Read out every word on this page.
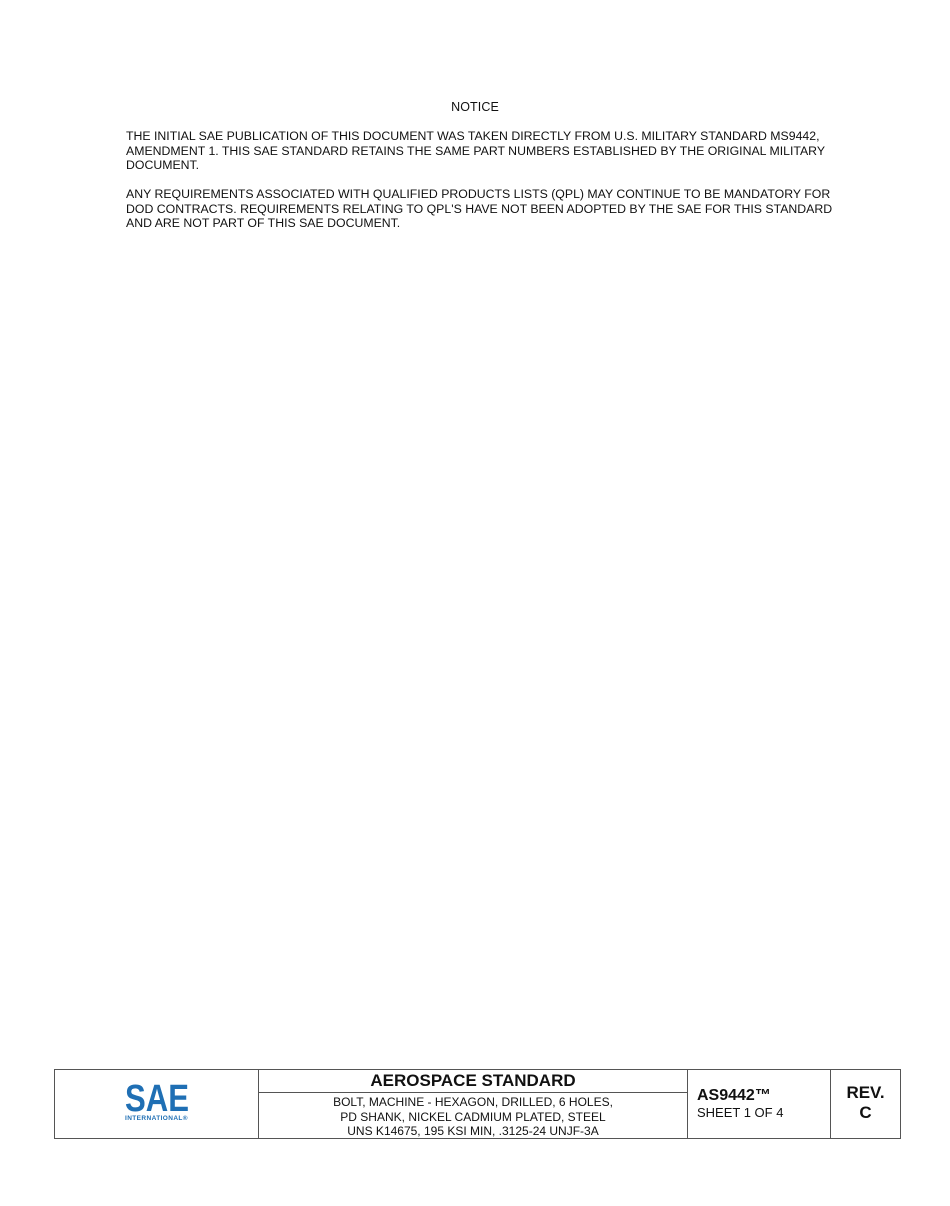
NOTICE

THE INITIAL SAE PUBLICATION OF THIS DOCUMENT WAS TAKEN DIRECTLY FROM U.S. MILITARY STANDARD MS9442, AMENDMENT 1. THIS SAE STANDARD RETAINS THE SAME PART NUMBERS ESTABLISHED BY THE ORIGINAL MILITARY DOCUMENT.

ANY REQUIREMENTS ASSOCIATED WITH QUALIFIED PRODUCTS LISTS (QPL) MAY CONTINUE TO BE MANDATORY FOR DOD CONTRACTS. REQUIREMENTS RELATING TO QPL'S HAVE NOT BEEN ADOPTED BY THE SAE FOR THIS STANDARD AND ARE NOT PART OF THIS SAE DOCUMENT.

SAE
INTERNATIONAL®
AEROSPACE STANDARD
BOLT, MACHINE - HEXAGON, DRILLED, 6 HOLES,
PD SHANK, NICKEL CADMIUM PLATED, STEEL
UNS K14675, 195 KSI MIN, .3125-24 UNJF-3A
AS9442™
SHEET 1 OF 4
REV.
C
